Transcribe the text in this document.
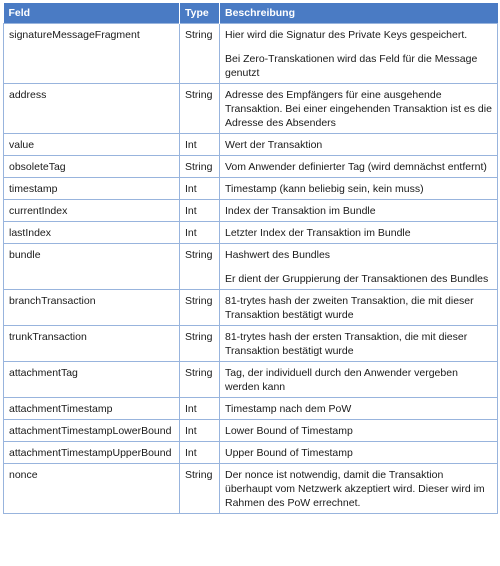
Feld	Type	Beschreibung
signatureMessageFragment	String	Hier wird die Signatur des Private Keys gespeichert.

Bei Zero-Transkationen wird das Feld für die Message genutzt

address	String	Adresse des Empfängers für eine ausgehende Transaktion. Bei einer eingehenden Transaktion ist es die Adresse des Absenders

value	Int	Wert der Transaktion

obsoleteTag	String	Vom Anwender definierter Tag (wird demnächst entfernt)

timestamp	Int	Timestamp (kann beliebig sein, kein muss)

currentIndex	Int	Index der Transaktion im Bundle

lastIndex	Int	Letzter Index der Transaktion im Bundle

bundle	String	Hashwert des Bundles

Er dient der Gruppierung der Transaktionen des Bundles

branchTransaction	String	81-trytes hash der zweiten Transaktion, die mit dieser Transaktion bestätigt wurde

trunkTransaction	String	81-trytes hash der ersten Transaktion, die mit dieser Transaktion bestätigt wurde

attachmentTag	String	Tag, der individuell durch den Anwender vergeben werden kann

attachmentTimestamp	Int	Timestamp nach dem PoW

attachmentTimestampLowerBound	Int	Lower Bound of Timestamp

attachmentTimestampUpperBound	Int	Upper Bound of Timestamp

nonce	String	Der nonce ist notwendig, damit die Transaktion überhaupt vom Netzwerk akzeptiert wird. Dieser wird im Rahmen des PoW errechnet.
